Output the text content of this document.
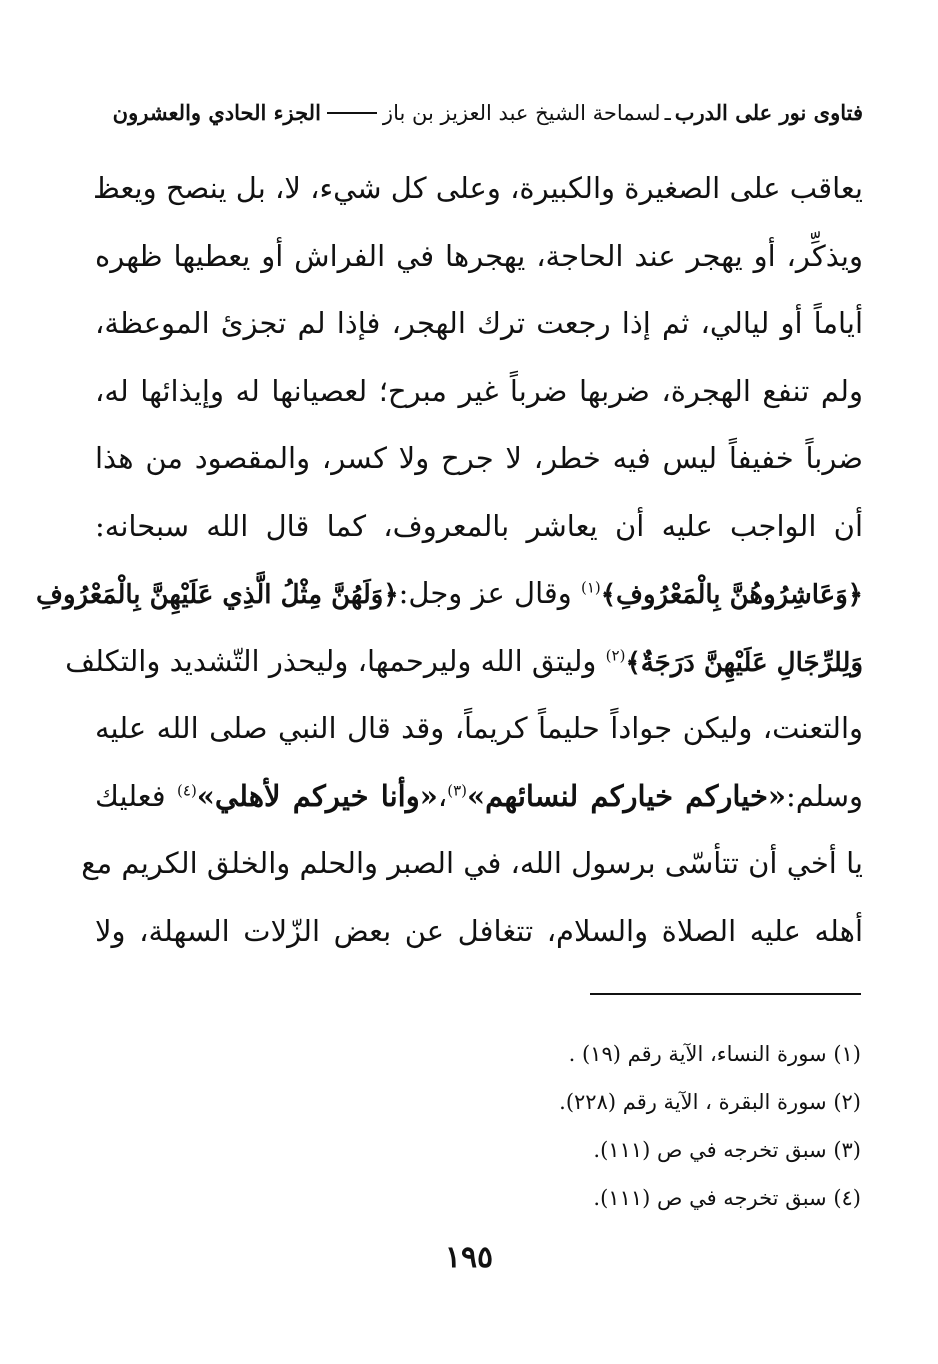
فتاوى نور على الدرب
ـ
لسماحة الشيخ عبد العزيز بن باز
الجزء الحادي والعشرون
يعاقب على الصغيرة والكبيرة، وعلى كل شيء، لا، بل ينصح ويعظ
ويذكِّر، أو يهجر عند الحاجة، يهجرها في الفراش أو يعطيها ظهره
أياماً أو ليالي، ثم إذا رجعت ترك الهجر، فإذا لم تجزئ الموعظة،
ولم تنفع الهجرة، ضربها ضرباً غير مبرح؛ لعصيانها له وإيذائها له،
ضرباً خفيفاً ليس فيه خطر، لا جرح ولا كسر، والمقصود من هذا
أن الواجب عليه أن يعاشر بالمعروف، كما قال الله سبحانه:
﴿وَعَاشِرُوهُنَّ بِالْمَعْرُوفِ﴾$^{(١)}$ وقال عز وجل:﴿وَلَهُنَّ مِثْلُ الَّذِي عَلَيْهِنَّ بِالْمَعْرُوفِ
وَلِلرِّجَالِ عَلَيْهِنَّ دَرَجَةٌ﴾$^{(٢)}$ وليتق الله وليرحمها، وليحذر التّشديد والتكلف
والتعنت، وليكن جواداً حليماً كريماً، وقد قال النبي صلى الله عليه
وسلم:«خياركم خياركم لنسائهم»$^{(٣)}$،«وأنا خيركم لأهلي»$^{(٤)}$ فعليك
يا أخي أن تتأسّى برسول الله، في الصبر والحلم والخلق الكريم مع
أهله عليه الصلاة والسلام، تتغافل عن بعض الزّلات السهلة، ولا
(١) سورة النساء، الآية رقم (١٩) .
(٢) سورة البقرة ، الآية رقم (٢٢٨).
(٣) سبق تخرجه في ص (١١١).
(٤) سبق تخرجه في ص (١١١).
١٩٥
